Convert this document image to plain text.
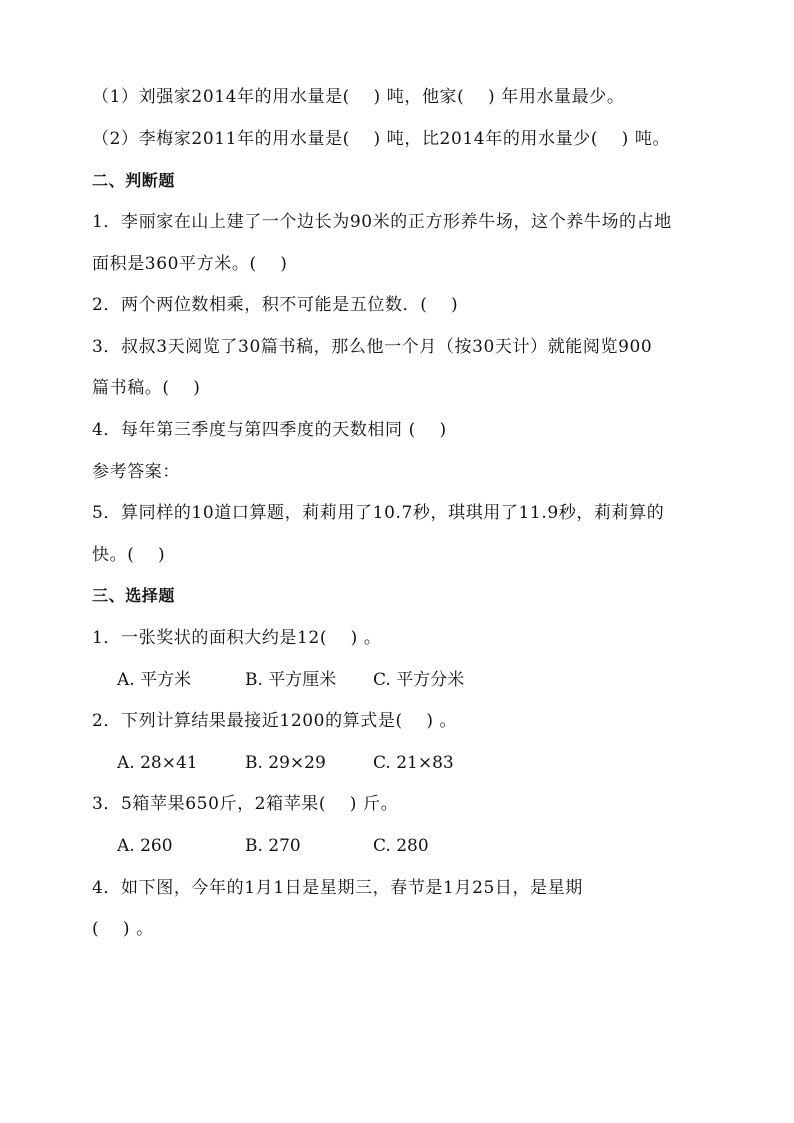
（1）刘强家2014年的用水量是(　 ) 吨，他家(　 ) 年用水量最少。
（2）李梅家2011年的用水量是(　 ) 吨，比2014年的用水量少(　 ) 吨。
二、判断题
1．李丽家在山上建了一个边长为90米的正方形养牛场，这个养牛场的占地
面积是360平方米。(　 )
2．两个两位数相乘，积不可能是五位数．(　 )
3．叔叔3天阅览了30篇书稿，那么他一个月（按30天计）就能阅览900
篇书稿。(　 )
4．每年第三季度与第四季度的天数相同 (　 )
参考答案：
5．算同样的10道口算题，莉莉用了10.7秒，琪琪用了11.9秒，莉莉算的
快。(　 )
三、选择题
1．一张奖状的面积大约是12(　 ) 。
A. 平方米	B. 平方厘米	C. 平方分米
2．下列计算结果最接近1200的算式是(　 ) 。
A. 28×41	B. 29×29	C. 21×83
3．5箱苹果650斤，2箱苹果(　 ) 斤。
A. 260	B. 270	C. 280
4．如下图，今年的1月1日是星期三，春节是1月25日，是星期
(　 ) 。
